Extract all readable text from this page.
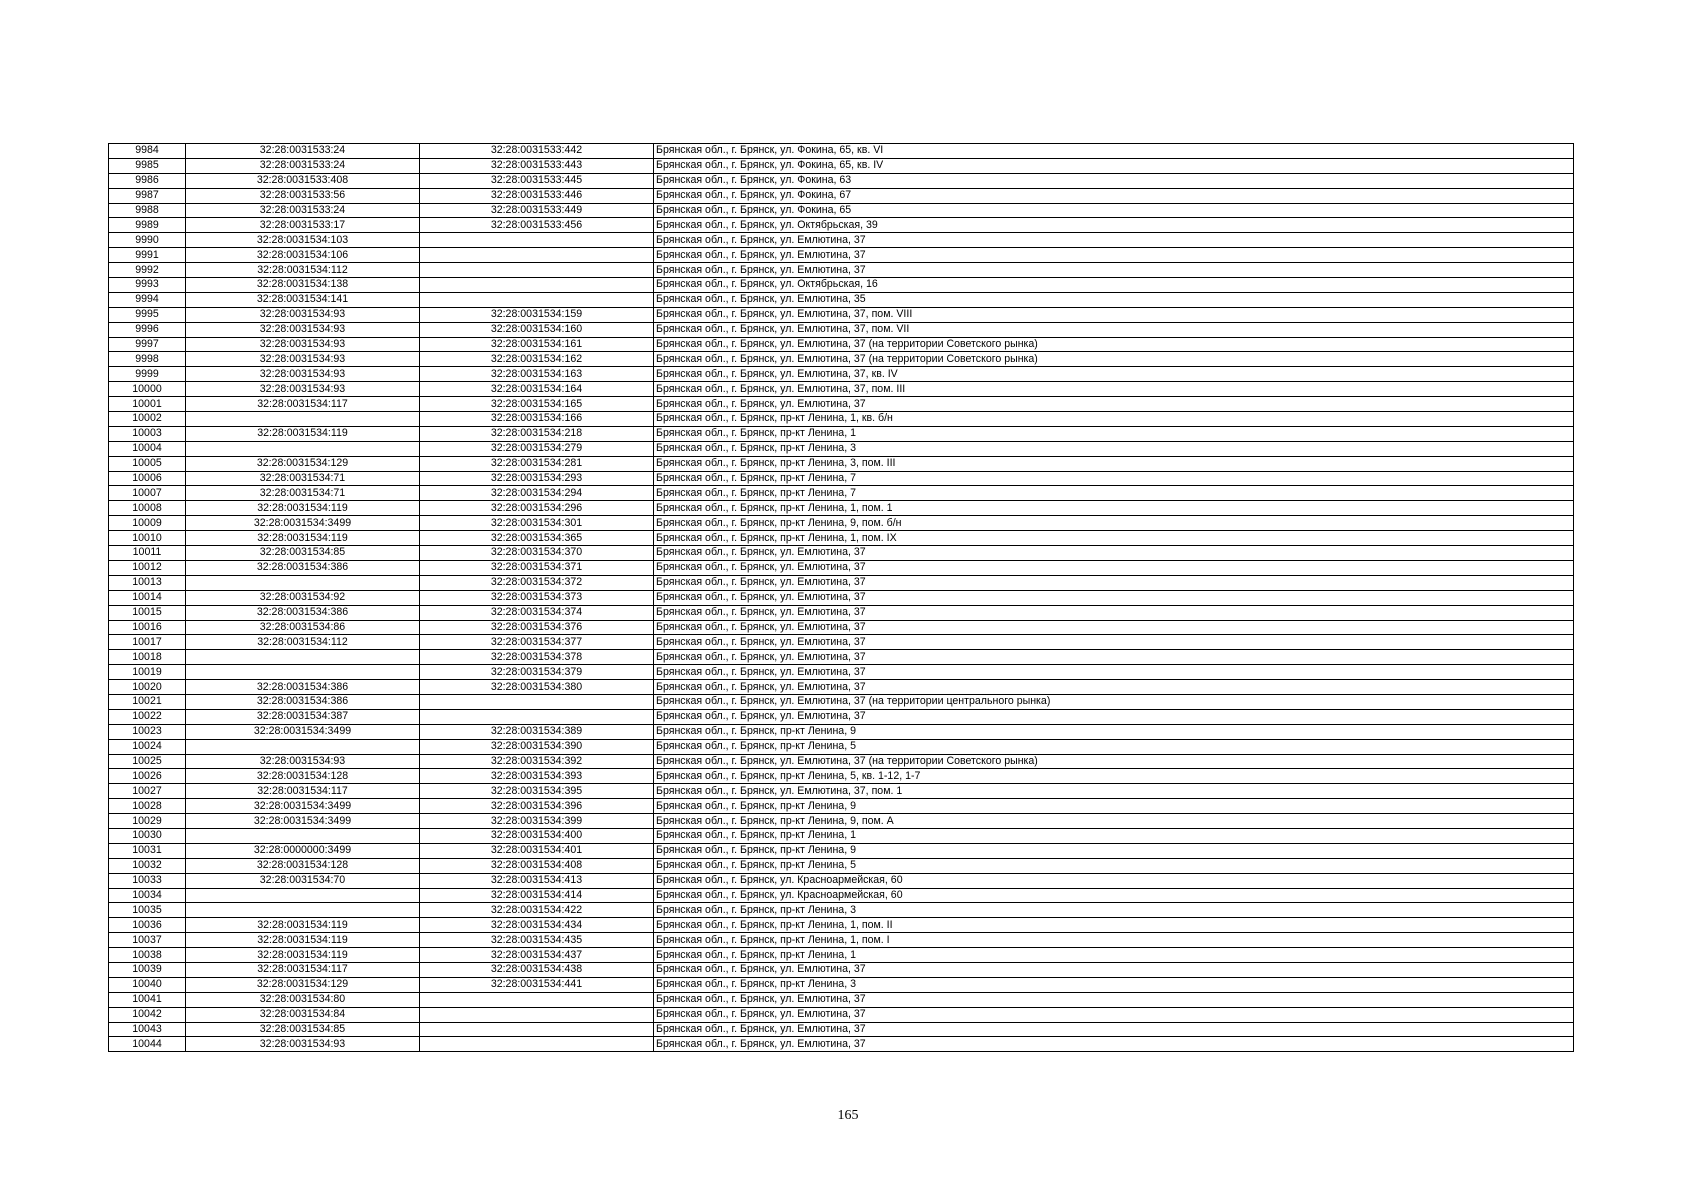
9984	32:28:0031533:24	32:28:0031533:442	Брянская обл., г. Брянск, ул. Фокина, 65, кв. VI
9985	32:28:0031533:24	32:28:0031533:443	Брянская обл., г. Брянск, ул. Фокина, 65, кв. IV
9986	32:28:0031533:408	32:28:0031533:445	Брянская обл., г. Брянск, ул. Фокина, 63
9987	32:28:0031533:56	32:28:0031533:446	Брянская обл., г. Брянск, ул. Фокина, 67
9988	32:28:0031533:24	32:28:0031533:449	Брянская обл., г. Брянск, ул. Фокина, 65
9989	32:28:0031533:17	32:28:0031533:456	Брянская обл., г. Брянск, ул. Октябрьская, 39
9990	32:28:0031534:103		Брянская обл., г. Брянск, ул. Емлютина, 37
9991	32:28:0031534:106		Брянская обл., г. Брянск, ул. Емлютина, 37
9992	32:28:0031534:112		Брянская обл., г. Брянск, ул. Емлютина, 37
9993	32:28:0031534:138		Брянская обл., г. Брянск, ул. Октябрьская, 16
9994	32:28:0031534:141		Брянская обл., г. Брянск, ул. Емлютина, 35
9995	32:28:0031534:93	32:28:0031534:159	Брянская обл., г. Брянск, ул. Емлютина, 37, пом. VIII
9996	32:28:0031534:93	32:28:0031534:160	Брянская обл., г. Брянск, ул. Емлютина, 37, пом. VII
9997	32:28:0031534:93	32:28:0031534:161	Брянская обл., г. Брянск, ул. Емлютина, 37 (на территории Советского рынка)
9998	32:28:0031534:93	32:28:0031534:162	Брянская обл., г. Брянск, ул. Емлютина, 37 (на территории Советского рынка)
9999	32:28:0031534:93	32:28:0031534:163	Брянская обл., г. Брянск, ул. Емлютина, 37, кв. IV
10000	32:28:0031534:93	32:28:0031534:164	Брянская обл., г. Брянск, ул. Емлютина, 37, пом. III
10001	32:28:0031534:117	32:28:0031534:165	Брянская обл., г. Брянск, ул. Емлютина, 37
10002		32:28:0031534:166	Брянская обл., г. Брянск, пр-кт Ленина, 1, кв. б/н
10003	32:28:0031534:119	32:28:0031534:218	Брянская обл., г. Брянск, пр-кт Ленина, 1
10004		32:28:0031534:279	Брянская обл., г. Брянск, пр-кт Ленина, 3
10005	32:28:0031534:129	32:28:0031534:281	Брянская обл., г. Брянск, пр-кт Ленина, 3, пом. III
10006	32:28:0031534:71	32:28:0031534:293	Брянская обл., г. Брянск, пр-кт Ленина, 7
10007	32:28:0031534:71	32:28:0031534:294	Брянская обл., г. Брянск, пр-кт Ленина, 7
10008	32:28:0031534:119	32:28:0031534:296	Брянская обл., г. Брянск, пр-кт Ленина, 1, пом. 1
10009	32:28:0031534:3499	32:28:0031534:301	Брянская обл., г. Брянск, пр-кт Ленина, 9, пом. б/н
10010	32:28:0031534:119	32:28:0031534:365	Брянская обл., г. Брянск, пр-кт Ленина, 1, пом. IX
10011	32:28:0031534:85	32:28:0031534:370	Брянская обл., г. Брянск, ул. Емлютина, 37
10012	32:28:0031534:386	32:28:0031534:371	Брянская обл., г. Брянск, ул. Емлютина, 37
10013		32:28:0031534:372	Брянская обл., г. Брянск, ул. Емлютина, 37
10014	32:28:0031534:92	32:28:0031534:373	Брянская обл., г. Брянск, ул. Емлютина, 37
10015	32:28:0031534:386	32:28:0031534:374	Брянская обл., г. Брянск, ул. Емлютина, 37
10016	32:28:0031534:86	32:28:0031534:376	Брянская обл., г. Брянск, ул. Емлютина, 37
10017	32:28:0031534:112	32:28:0031534:377	Брянская обл., г. Брянск, ул. Емлютина, 37
10018		32:28:0031534:378	Брянская обл., г. Брянск, ул. Емлютина, 37
10019		32:28:0031534:379	Брянская обл., г. Брянск, ул. Емлютина, 37
10020	32:28:0031534:386	32:28:0031534:380	Брянская обл., г. Брянск, ул. Емлютина, 37
10021	32:28:0031534:386		Брянская обл., г. Брянск, ул. Емлютина, 37 (на территории центрального рынка)
10022	32:28:0031534:387		Брянская обл., г. Брянск, ул. Емлютина, 37
10023	32:28:0031534:3499	32:28:0031534:389	Брянская обл., г. Брянск, пр-кт Ленина, 9
10024		32:28:0031534:390	Брянская обл., г. Брянск, пр-кт Ленина, 5
10025	32:28:0031534:93	32:28:0031534:392	Брянская обл., г. Брянск, ул. Емлютина, 37 (на территории Советского рынка)
10026	32:28:0031534:128	32:28:0031534:393	Брянская обл., г. Брянск, пр-кт Ленина, 5, кв. 1-12, 1-7
10027	32:28:0031534:117	32:28:0031534:395	Брянская обл., г. Брянск, ул. Емлютина, 37, пом. 1
10028	32:28:0031534:3499	32:28:0031534:396	Брянская обл., г. Брянск, пр-кт Ленина, 9
10029	32:28:0031534:3499	32:28:0031534:399	Брянская обл., г. Брянск, пр-кт Ленина, 9, пом. А
10030		32:28:0031534:400	Брянская обл., г. Брянск, пр-кт Ленина, 1
10031	32:28:0000000:3499	32:28:0031534:401	Брянская обл., г. Брянск, пр-кт Ленина, 9
10032	32:28:0031534:128	32:28:0031534:408	Брянская обл., г. Брянск, пр-кт Ленина, 5
10033	32:28:0031534:70	32:28:0031534:413	Брянская обл., г. Брянск, ул. Красноармейская, 60
10034		32:28:0031534:414	Брянская обл., г. Брянск, ул. Красноармейская, 60
10035		32:28:0031534:422	Брянская обл., г. Брянск, пр-кт Ленина, 3
10036	32:28:0031534:119	32:28:0031534:434	Брянская обл., г. Брянск, пр-кт Ленина, 1, пом. II
10037	32:28:0031534:119	32:28:0031534:435	Брянская обл., г. Брянск, пр-кт Ленина, 1, пом. I
10038	32:28:0031534:119	32:28:0031534:437	Брянская обл., г. Брянск, пр-кт Ленина, 1
10039	32:28:0031534:117	32:28:0031534:438	Брянская обл., г. Брянск, ул. Емлютина, 37
10040	32:28:0031534:129	32:28:0031534:441	Брянская обл., г. Брянск, пр-кт Ленина, 3
10041	32:28:0031534:80		Брянская обл., г. Брянск, ул. Емлютина, 37
10042	32:28:0031534:84		Брянская обл., г. Брянск, ул. Емлютина, 37
10043	32:28:0031534:85		Брянская обл., г. Брянск, ул. Емлютина, 37
10044	32:28:0031534:93		Брянская обл., г. Брянск, ул. Емлютина, 37
165
